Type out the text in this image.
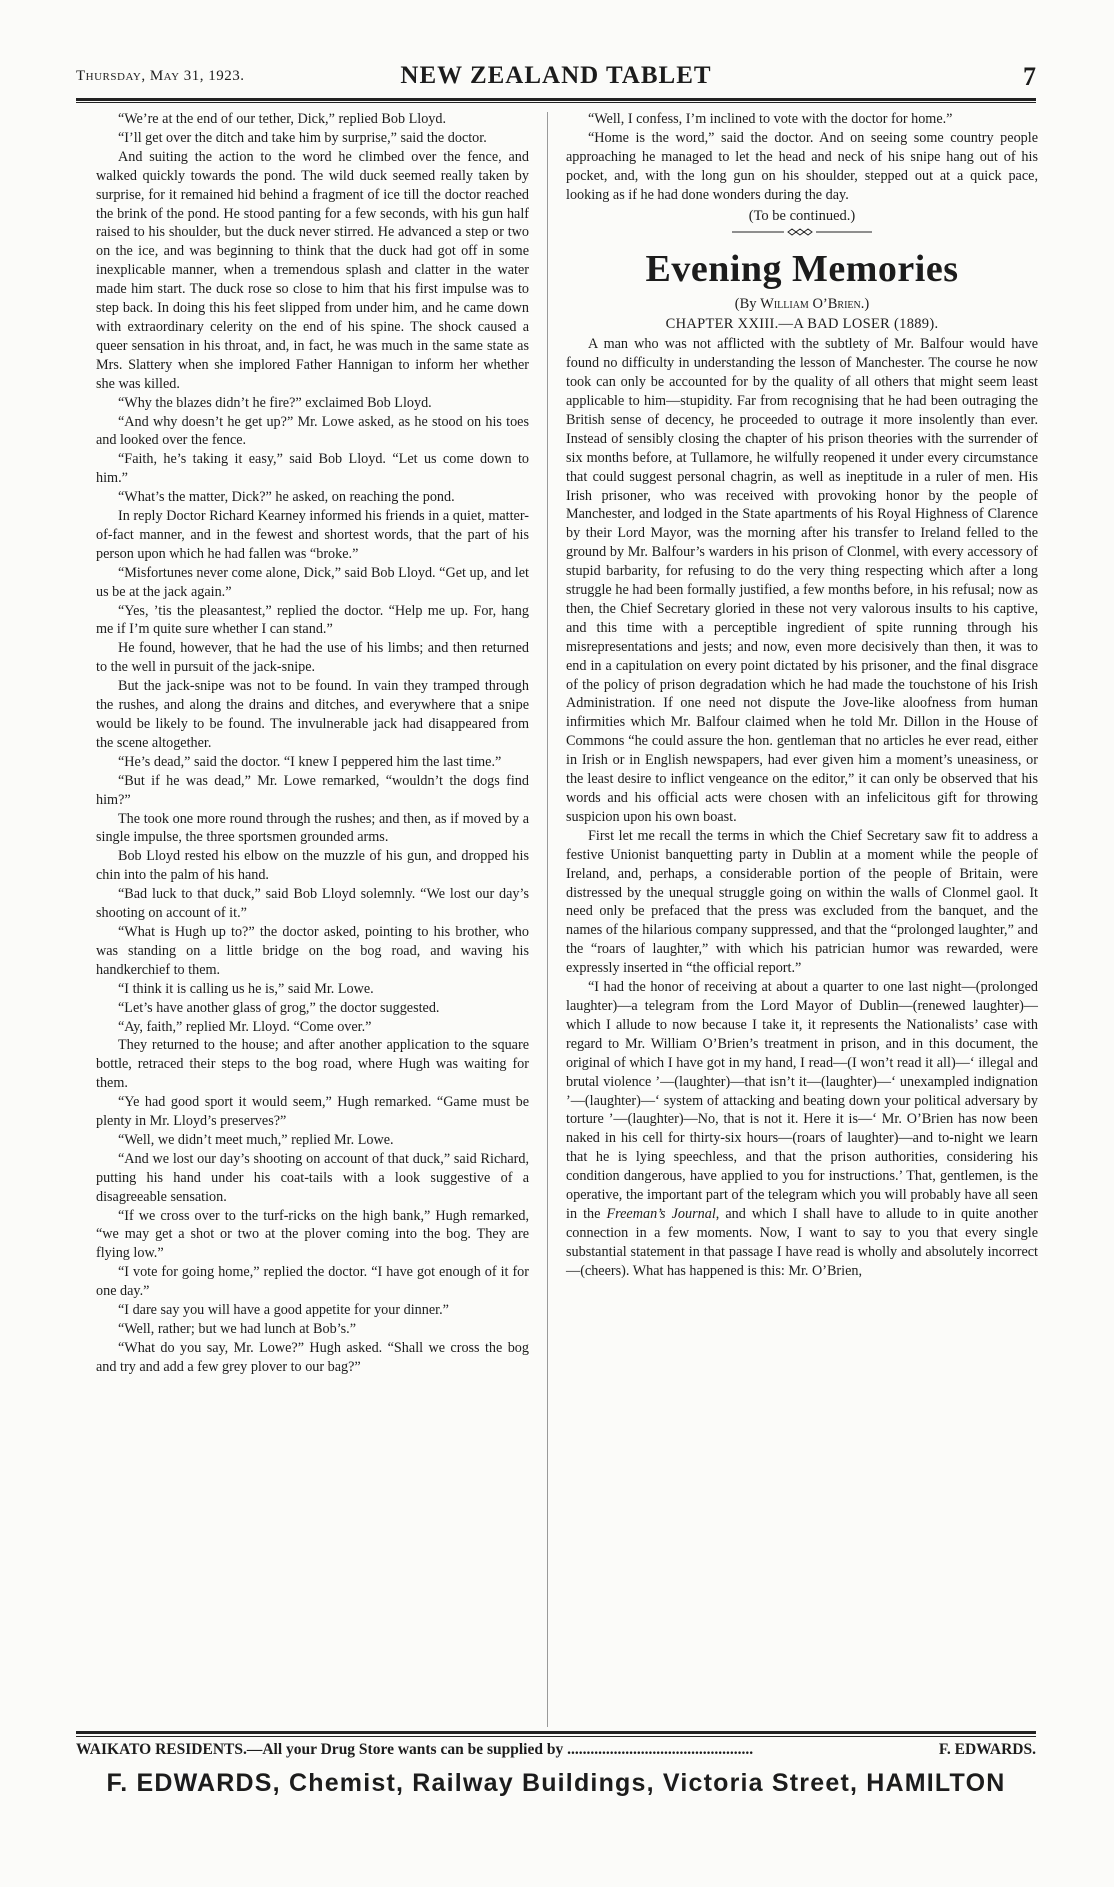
Thursday, May 31, 1923.	NEW ZEALAND TABLET	7

“We’re at the end of our tether, Dick,” replied Bob Lloyd.

“I’ll get over the ditch and take him by surprise,” said the doctor.

And suiting the action to the word he climbed over the fence, and walked quickly towards the pond. The wild duck seemed really taken by surprise, for it remained hid behind a fragment of ice till the doctor reached the brink of the pond. He stood panting for a few seconds, with his gun half raised to his shoulder, but the duck never stirred. He advanced a step or two on the ice, and was beginning to think that the duck had got off in some inexplicable manner, when a tremendous splash and clatter in the water made him start. The duck rose so close to him that his first impulse was to step back. In doing this his feet slipped from under him, and he came down with extraordinary celerity on the end of his spine. The shock caused a queer sensation in his throat, and, in fact, he was much in the same state as Mrs. Slattery when she implored Father Hannigan to inform her whether she was killed.

“Why the blazes didn’t he fire?” exclaimed Bob Lloyd.

“And why doesn’t he get up?” Mr. Lowe asked, as he stood on his toes and looked over the fence.

“Faith, he’s taking it easy,” said Bob Lloyd. “Let us come down to him.”

“What’s the matter, Dick?” he asked, on reaching the pond.

In reply Doctor Richard Kearney informed his friends in a quiet, matter-of-fact manner, and in the fewest and shortest words, that the part of his person upon which he had fallen was “broke.”

“Misfortunes never come alone, Dick,” said Bob Lloyd. “Get up, and let us be at the jack again.”

“Yes, ’tis the pleasantest,” replied the doctor. “Help me up. For, hang me if I’m quite sure whether I can stand.”

He found, however, that he had the use of his limbs; and then returned to the well in pursuit of the jack-snipe.

But the jack-snipe was not to be found. In vain they tramped through the rushes, and along the drains and ditches, and everywhere that a snipe would be likely to be found. The invulnerable jack had disappeared from the scene altogether.

“He’s dead,” said the doctor. “I knew I peppered him the last time.”

“But if he was dead,” Mr. Lowe remarked, “wouldn’t the dogs find him?”

The took one more round through the rushes; and then, as if moved by a single impulse, the three sportsmen grounded arms.

Bob Lloyd rested his elbow on the muzzle of his gun, and dropped his chin into the palm of his hand.

“Bad luck to that duck,” said Bob Lloyd solemnly. “We lost our day’s shooting on account of it.”

“What is Hugh up to?” the doctor asked, pointing to his brother, who was standing on a little bridge on the bog road, and waving his handkerchief to them.

“I think it is calling us he is,” said Mr. Lowe.

“Let’s have another glass of grog,” the doctor suggested.

“Ay, faith,” replied Mr. Lloyd. “Come over.”

They returned to the house; and after another application to the square bottle, retraced their steps to the bog road, where Hugh was waiting for them.

“Ye had good sport it would seem,” Hugh remarked. “Game must be plenty in Mr. Lloyd’s preserves?”

“Well, we didn’t meet much,” replied Mr. Lowe.

“And we lost our day’s shooting on account of that duck,” said Richard, putting his hand under his coat-tails with a look suggestive of a disagreeable sensation.

“If we cross over to the turf-ricks on the high bank,” Hugh remarked, “we may get a shot or two at the plover coming into the bog. They are flying low.”

“I vote for going home,” replied the doctor. “I have got enough of it for one day.”

“I dare say you will have a good appetite for your dinner.”

“Well, rather; but we had lunch at Bob’s.”

“What do you say, Mr. Lowe?” Hugh asked. “Shall we cross the bog and try and add a few grey plover to our bag?”

“Well, I confess, I’m inclined to vote with the doctor for home.”

“Home is the word,” said the doctor. And on seeing some country people approaching he managed to let the head and neck of his snipe hang out of his pocket, and, with the long gun on his shoulder, stepped out at a quick pace, looking as if he had done wonders during the day.

(To be continued.)
Evening Memories
(By William O’Brien.)
CHAPTER XXIII.—A BAD LOSER (1889).

A man who was not afflicted with the subtlety of Mr. Balfour would have found no difficulty in understanding the lesson of Manchester. The course he now took can only be accounted for by the quality of all others that might seem least applicable to him—stupidity. Far from recognising that he had been outraging the British sense of decency, he proceeded to outrage it more insolently than ever. Instead of sensibly closing the chapter of his prison theories with the surrender of six months before, at Tullamore, he wilfully reopened it under every circumstance that could suggest personal chagrin, as well as ineptitude in a ruler of men. His Irish prisoner, who was received with provoking honor by the people of Manchester, and lodged in the State apartments of his Royal Highness of Clarence by their Lord Mayor, was the morning after his transfer to Ireland felled to the ground by Mr. Balfour’s warders in his prison of Clonmel, with every accessory of stupid barbarity, for refusing to do the very thing respecting which after a long struggle he had been formally justified, a few months before, in his refusal; now as then, the Chief Secretary gloried in these not very valorous insults to his captive, and this time with a perceptible ingredient of spite running through his misrepresentations and jests; and now, even more decisively than then, it was to end in a capitulation on every point dictated by his prisoner, and the final disgrace of the policy of prison degradation which he had made the touchstone of his Irish Administration. If one need not dispute the Jove-like aloofness from human infirmities which Mr. Balfour claimed when he told Mr. Dillon in the House of Commons “he could assure the hon. gentleman that no articles he ever read, either in Irish or in English newspapers, had ever given him a moment’s uneasiness, or the least desire to inflict vengeance on the editor,” it can only be observed that his words and his official acts were chosen with an infelicitous gift for throwing suspicion upon his own boast.

First let me recall the terms in which the Chief Secretary saw fit to address a festive Unionist banquetting party in Dublin at a moment while the people of Ireland, and, perhaps, a considerable portion of the people of Britain, were distressed by the unequal struggle going on within the walls of Clonmel gaol. It need only be prefaced that the press was excluded from the banquet, and the names of the hilarious company suppressed, and that the “prolonged laughter,” and the “roars of laughter,” with which his patrician humor was rewarded, were expressly inserted in “the official report.”

“I had the honor of receiving at about a quarter to one last night—(prolonged laughter)—a telegram from the Lord Mayor of Dublin—(renewed laughter)—which I allude to now because I take it, it represents the Nationalists’ case with regard to Mr. William O’Brien’s treatment in prison, and in this document, the original of which I have got in my hand, I read—(I won’t read it all)—‘ illegal and brutal violence ’—(laughter)—that isn’t it—(laughter)—‘ unexampled indignation ’—(laughter)—‘ system of attacking and beating down your political adversary by torture ’—(laughter)—No, that is not it. Here it is—‘ Mr. O’Brien has now been naked in his cell for thirty-six hours—(roars of laughter)—and to-night we learn that he is lying speechless, and that the prison authorities, considering his condition dangerous, have applied to you for instructions.’ That, gentlemen, is the operative, the important part of the telegram which you will probably have all seen in the Freeman’s Journal, and which I shall have to allude to in quite another connection in a few moments. Now, I want to say to you that every single substantial statement in that passage I have read is wholly and absolutely incorrect—(cheers). What has happened is this: Mr. O’Brien,

WAIKATO RESIDENTS.—All your Drug Store wants can be supplied by ................................................	F. EDWARDS.
F. EDWARDS, Chemist, Railway Buildings, Victoria Street, HAMILTON
